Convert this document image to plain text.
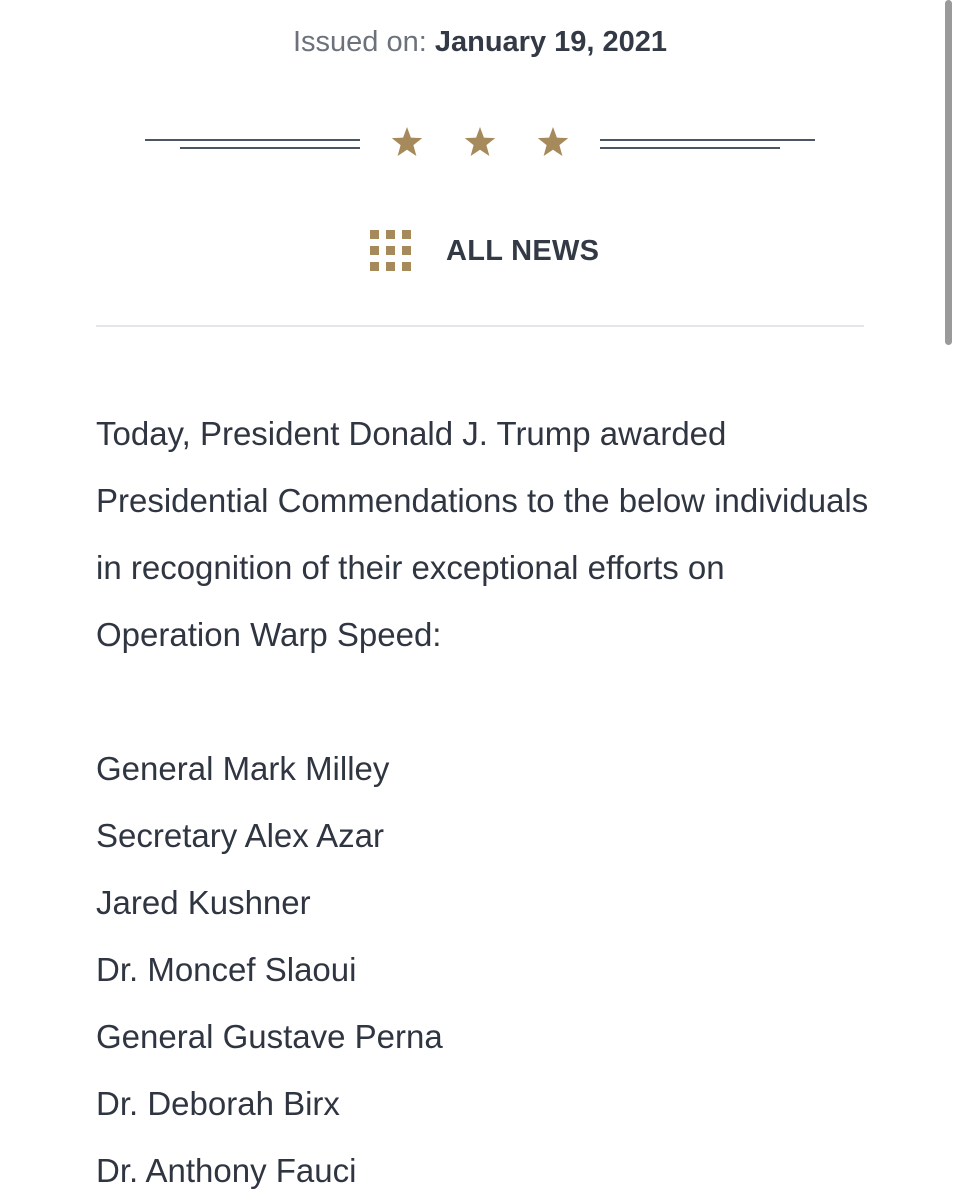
Issued on: January 19, 2021
ALL NEWS

Today, President Donald J. Trump awarded Presidential Commendations to the below individuals in recognition of their exceptional efforts on Operation Warp Speed:

General Mark Milley
Secretary Alex Azar
Jared Kushner
Dr. Moncef Slaoui
General Gustave Perna
Dr. Deborah Birx
Dr. Anthony Fauci
